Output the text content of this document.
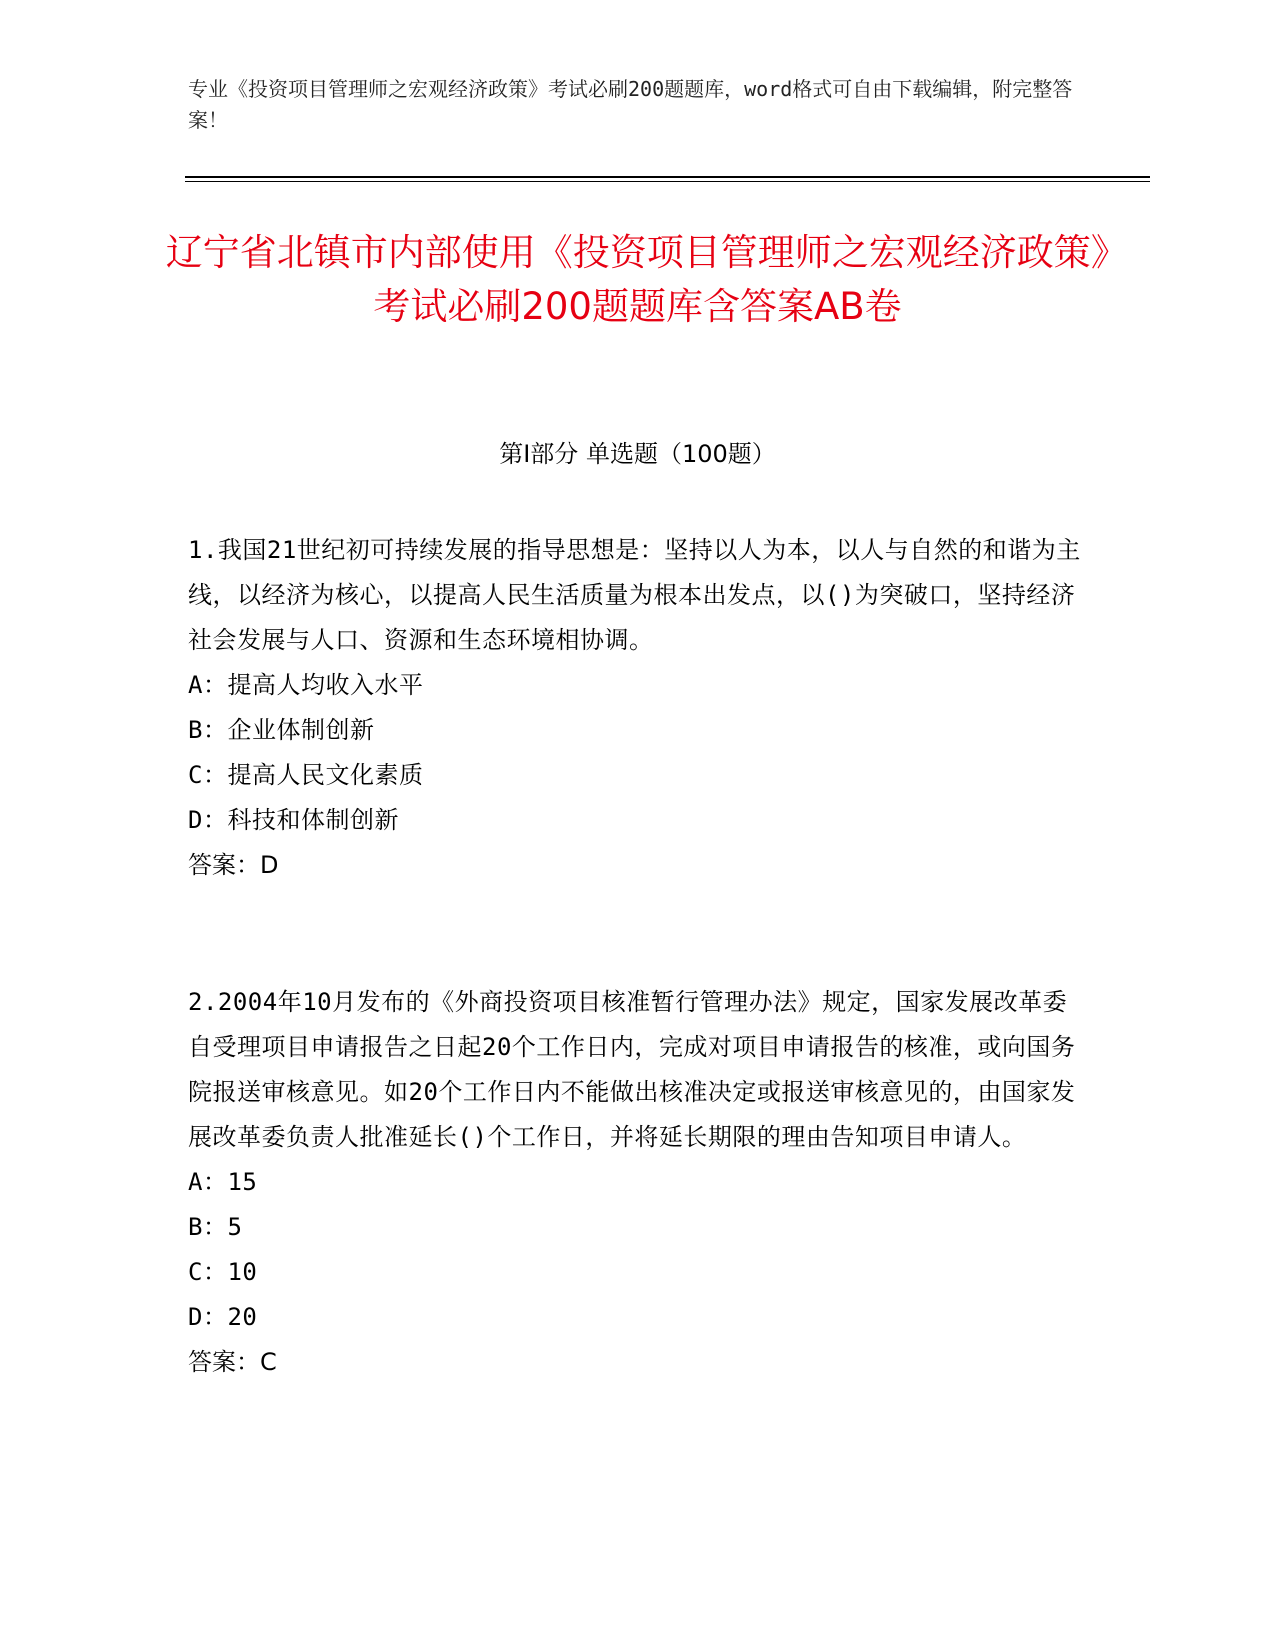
专业《投资项目管理师之宏观经济政策》考试必刷200题题库，word格式可自由下载编辑，附完整答案！
辽宁省北镇市内部使用《投资项目管理师之宏观经济政策》考试必刷200题题库含答案AB卷
第Ⅰ部分 单选题（100题）
1.我国21世纪初可持续发展的指导思想是：坚持以人为本，以人与自然的和谐为主线，以经济为核心，以提高人民生活质量为根本出发点，以()为突破口，坚持经济社会发展与人口、资源和生态环境相协调。
A：提高人均收入水平
B：企业体制创新
C：提高人民文化素质
D：科技和体制创新
答案：D
2.2004年10月发布的《外商投资项目核准暂行管理办法》规定，国家发展改革委自受理项目申请报告之日起20个工作日内，完成对项目申请报告的核准，或向国务院报送审核意见。如20个工作日内不能做出核准决定或报送审核意见的，由国家发展改革委负责人批准延长()个工作日，并将延长期限的理由告知项目申请人。
A：15
B：5
C：10
D：20
答案：C
